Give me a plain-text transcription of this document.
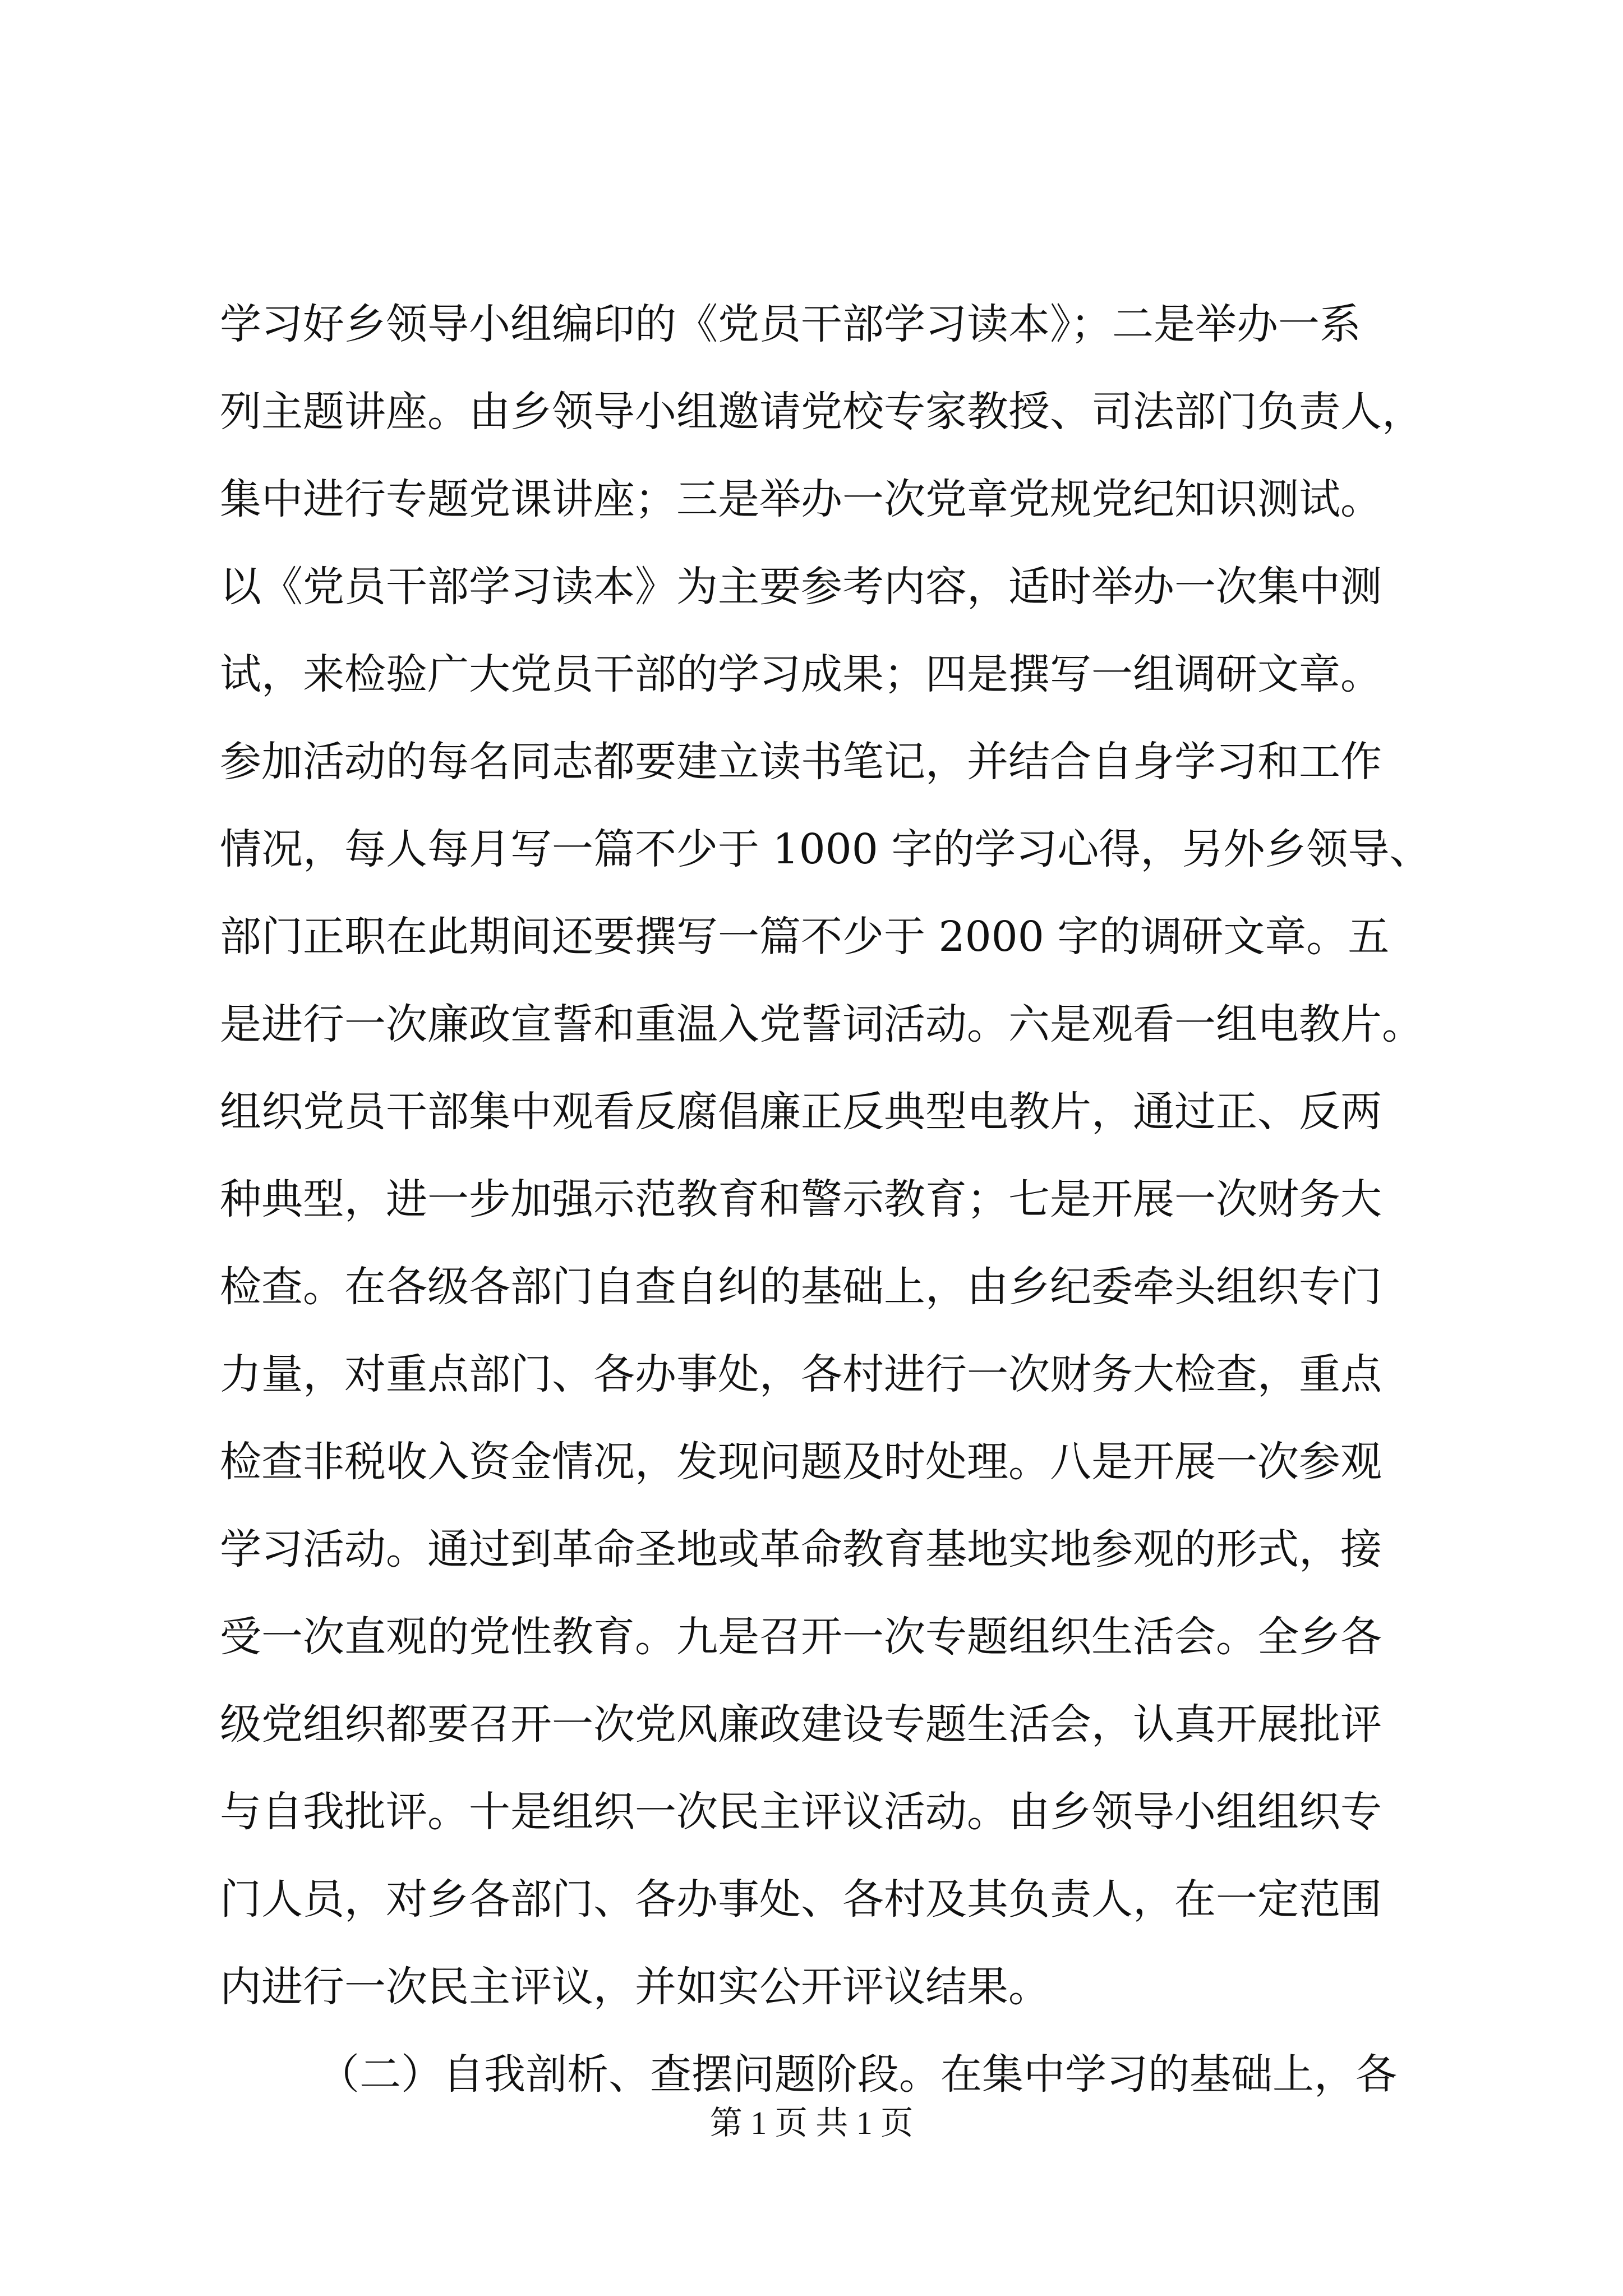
学习好乡领导小组编印的《党员干部学习读本》；二是举办一系
列主题讲座。由乡领导小组邀请党校专家教授、司法部门负责人，
集中进行专题党课讲座；三是举办一次党章党规党纪知识测试。
以《党员干部学习读本》为主要参考内容，适时举办一次集中测
试，来检验广大党员干部的学习成果；四是撰写一组调研文章。
参加活动的每名同志都要建立读书笔记，并结合自身学习和工作
情况，每人每月写一篇不少于 1000 字的学习心得，另外乡领导、
部门正职在此期间还要撰写一篇不少于 2000 字的调研文章。五
是进行一次廉政宣誓和重温入党誓词活动。六是观看一组电教片。
组织党员干部集中观看反腐倡廉正反典型电教片，通过正、反两
种典型，进一步加强示范教育和警示教育；七是开展一次财务大
检查。在各级各部门自查自纠的基础上，由乡纪委牵头组织专门
力量，对重点部门、各办事处，各村进行一次财务大检查，重点
检查非税收入资金情况，发现问题及时处理。八是开展一次参观
学习活动。通过到革命圣地或革命教育基地实地参观的形式，接
受一次直观的党性教育。九是召开一次专题组织生活会。全乡各
级党组织都要召开一次党风廉政建设专题生活会，认真开展批评
与自我批评。十是组织一次民主评议活动。由乡领导小组组织专
门人员，对乡各部门、各办事处、各村及其负责人，在一定范围
内进行一次民主评议，并如实公开评议结果。
（二）自我剖析、查摆问题阶段。在集中学习的基础上，各
第 1 页 共 1 页
